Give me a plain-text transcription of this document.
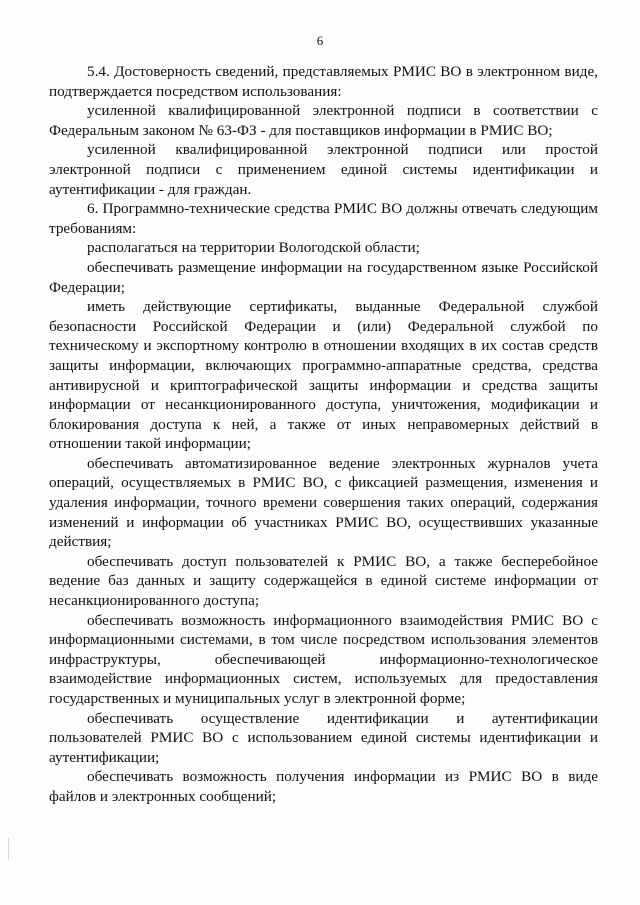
6

5.4. Достоверность сведений, представляемых РМИС ВО в электронном виде, подтверждается посредством использования:

усиленной квалифицированной электронной подписи в соответствии с Федеральным законом № 63-ФЗ - для поставщиков информации в РМИС ВО;

усиленной квалифицированной электронной подписи или простой электронной подписи с применением единой системы идентификации и аутентификации - для граждан.

6. Программно-технические средства РМИС ВО должны отвечать следующим требованиям:

располагаться на территории Вологодской области;

обеспечивать размещение информации на государственном языке Российской Федерации;

иметь действующие сертификаты, выданные Федеральной службой безопасности Российской Федерации и (или) Федеральной службой по техническому и экспортному контролю в отношении входящих в их состав средств защиты информации, включающих программно-аппаратные средства, средства антивирусной и криптографической защиты информации и средства защиты информации от несанкционированного доступа, уничтожения, модификации и блокирования доступа к ней, а также от иных неправомерных действий в отношении такой информации;

обеспечивать автоматизированное ведение электронных журналов учета операций, осуществляемых в РМИС ВО, с фиксацией размещения, изменения и удаления информации, точного времени совершения таких операций, содержания изменений и информации об участниках РМИС ВО, осуществивших указанные действия;

обеспечивать доступ пользователей к РМИС ВО, а также бесперебойное ведение баз данных и защиту содержащейся в единой системе информации от несанкционированного доступа;

обеспечивать возможность информационного взаимодействия РМИС ВО с информационными системами, в том числе посредством использования элементов инфраструктуры, обеспечивающей информационно-технологическое взаимодействие информационных систем, используемых для предоставления государственных и муниципальных услуг в электронной форме;

обеспечивать осуществление идентификации и аутентификации пользователей РМИС ВО с использованием единой системы идентификации и аутентификации;

обеспечивать возможность получения информации из РМИС ВО в виде файлов и электронных сообщений;
